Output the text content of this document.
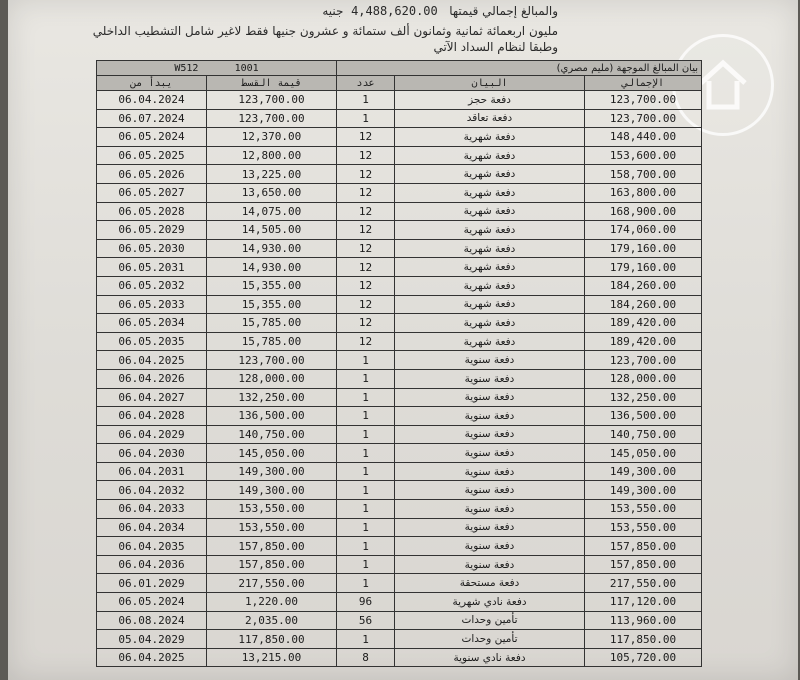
والمبالغ إجمالي قيمتها   4,488,620.00  جنيه
مليون اربعمائة ثمانية وثمانون ألف ستمائة و عشرون جنيها فقط لاغير شامل التشطيب الداخلي
وطبقا لنظام السداد الآتي
W512 1001		بيان المبالغ الموجهة (مليم مصري)		
يبدأ من	قيمة القسط	عدد	البيان	الإجمالي
06.04.2024	123,700.00	1	دفعة حجز	123,700.00
06.07.2024	123,700.00	1	دفعة تعاقد	123,700.00
06.05.2024	12,370.00	12	دفعة شهرية	148,440.00
06.05.2025	12,800.00	12	دفعة شهرية	153,600.00
06.05.2026	13,225.00	12	دفعة شهرية	158,700.00
06.05.2027	13,650.00	12	دفعة شهرية	163,800.00
06.05.2028	14,075.00	12	دفعة شهرية	168,900.00
06.05.2029	14,505.00	12	دفعة شهرية	174,060.00
06.05.2030	14,930.00	12	دفعة شهرية	179,160.00
06.05.2031	14,930.00	12	دفعة شهرية	179,160.00
06.05.2032	15,355.00	12	دفعة شهرية	184,260.00
06.05.2033	15,355.00	12	دفعة شهرية	184,260.00
06.05.2034	15,785.00	12	دفعة شهرية	189,420.00
06.05.2035	15,785.00	12	دفعة شهرية	189,420.00
06.04.2025	123,700.00	1	دفعة سنوية	123,700.00
06.04.2026	128,000.00	1	دفعة سنوية	128,000.00
06.04.2027	132,250.00	1	دفعة سنوية	132,250.00
06.04.2028	136,500.00	1	دفعة سنوية	136,500.00
06.04.2029	140,750.00	1	دفعة سنوية	140,750.00
06.04.2030	145,050.00	1	دفعة سنوية	145,050.00
06.04.2031	149,300.00	1	دفعة سنوية	149,300.00
06.04.2032	149,300.00	1	دفعة سنوية	149,300.00
06.04.2033	153,550.00	1	دفعة سنوية	153,550.00
06.04.2034	153,550.00	1	دفعة سنوية	153,550.00
06.04.2035	157,850.00	1	دفعة سنوية	157,850.00
06.04.2036	157,850.00	1	دفعة سنوية	157,850.00
06.01.2029	217,550.00	1	دفعة مستحقة	217,550.00
06.05.2024	1,220.00	96	دفعة نادي شهرية	117,120.00
06.08.2024	2,035.00	56	تأمين وحدات	113,960.00
05.04.2029	117,850.00	1	تأمين وحدات	117,850.00
06.04.2025	13,215.00	8	دفعة نادي سنوية	105,720.00
